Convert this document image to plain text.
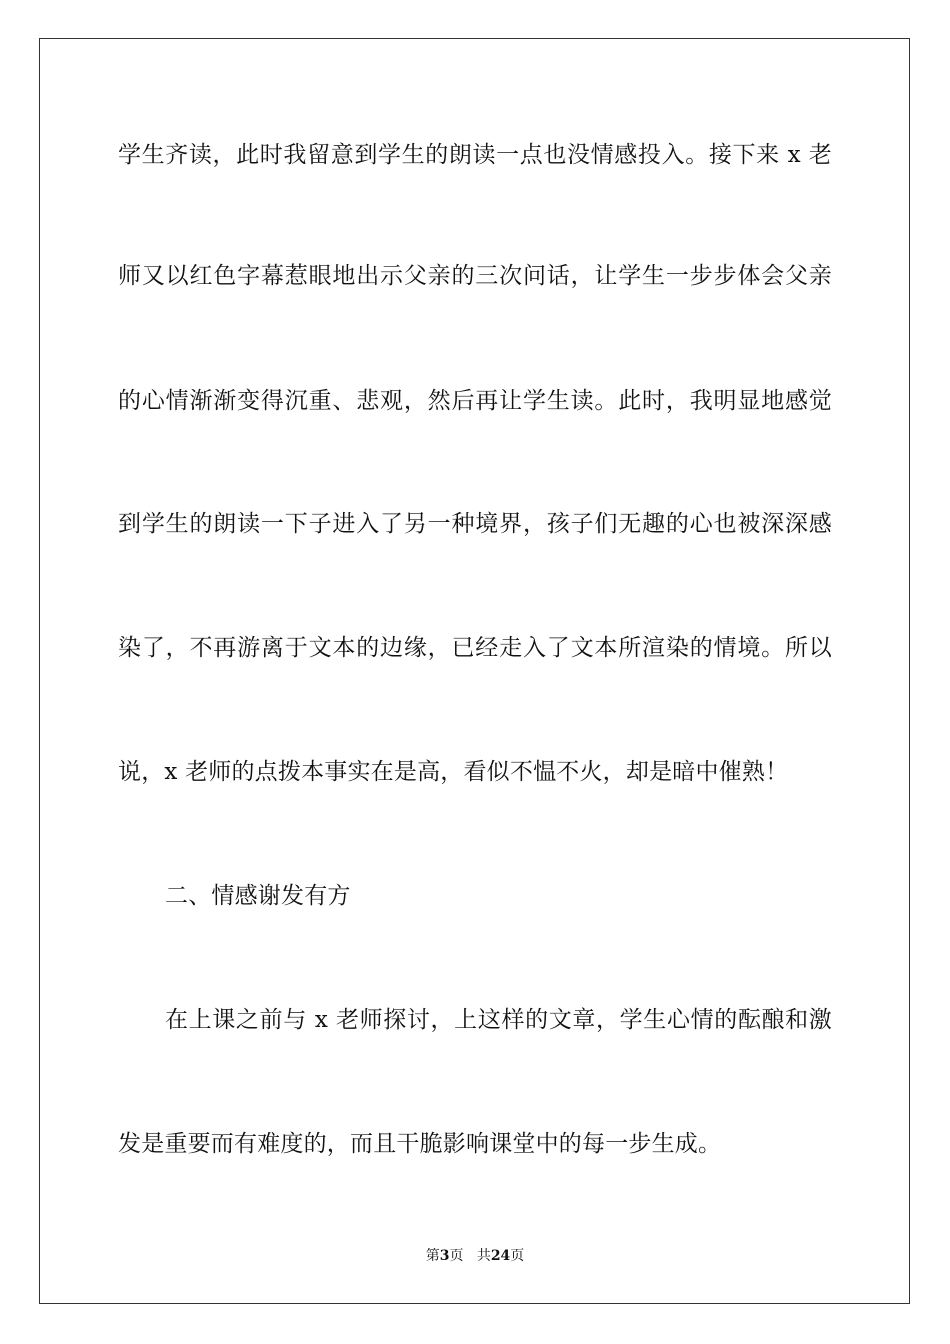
学生齐读，此时我留意到学生的朗读一点也没情感投入。接下来 x 老
师又以红色字幕惹眼地出示父亲的三次问话，让学生一步步体会父亲
的心情渐渐变得沉重、悲观，然后再让学生读。此时，我明显地感觉
到学生的朗读一下子进入了另一种境界，孩子们无趣的心也被深深感
染了，不再游离于文本的边缘，已经走入了文本所渲染的情境。所以
说，x 老师的点拨本事实在是高，看似不愠不火，却是暗中催熟！
二、情感谢发有方
在上课之前与 x 老师探讨，上这样的文章，学生心情的酝酿和激
发是重要而有难度的，而且干脆影响课堂中的每一步生成。
第3页 共24页
